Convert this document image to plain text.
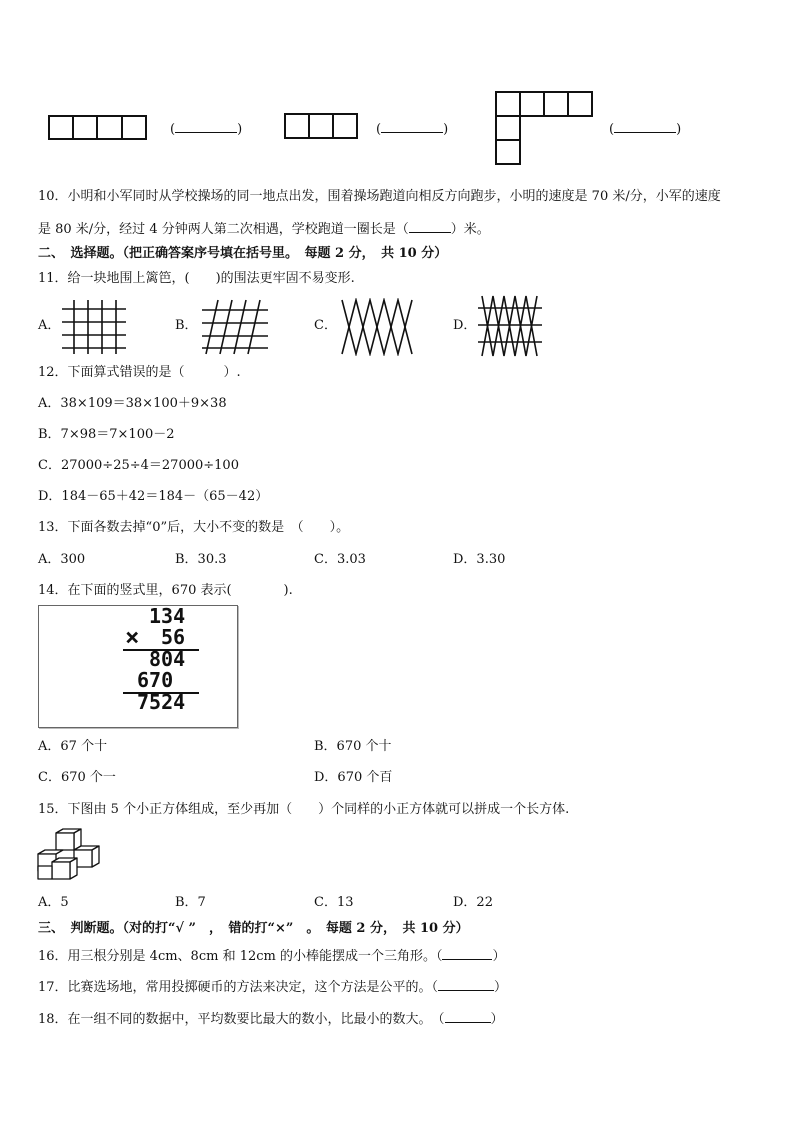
(	)	(	)	(	)
10．小明和小军同时从学校操场的同一地点出发，围着操场跑道向相反方向跑步，小明的速度是 70 米/分，小军的速度
是 80 米/分，经过 4 分钟两人第二次相遇，学校跑道一圈长是（	）米。
二、　选择题。（把正确答案序号填在括号里。　每题 2 分，　共 10 分）
11．给一块地围上篱笆，(　　)的围法更牢固不易变形.
A．	B．	C．	D．
12．下面算式错误的是（　　　）.
A．38×109＝38×100＋9×38
B．7×98＝7×100－2
C．27000÷25÷4＝27000÷100
D．184－65＋42＝184－（65－42）
13．下面各数去掉“0”后，大小不变的数是　（　　）。
A．300	B．30.3	C．3.03	D．3.30
14．在下面的竖式里，670 表示(　　　　).
134
× 56
804
670
7524
A．67 个十	B．670 个十
C．670 个一	D．670 个百
15．下图由 5 个小正方体组成，至少再加（　　）个同样的小正方体就可以拼成一个长方体.
A．5	B．7	C．13	D．22
三、　判断题。（对的打“√ ”　，　错的打“×”　。　每题 2 分，　共 10 分）
16．用三根分别是 4cm、8cm 和 12cm 的小棒能摆成一个三角形。（	）
17．比赛选场地，常用投掷硬币的方法来决定，这个方法是公平的。（	）
18．在一组不同的数据中，平均数要比最大的数小，比最小的数大。　（	）
